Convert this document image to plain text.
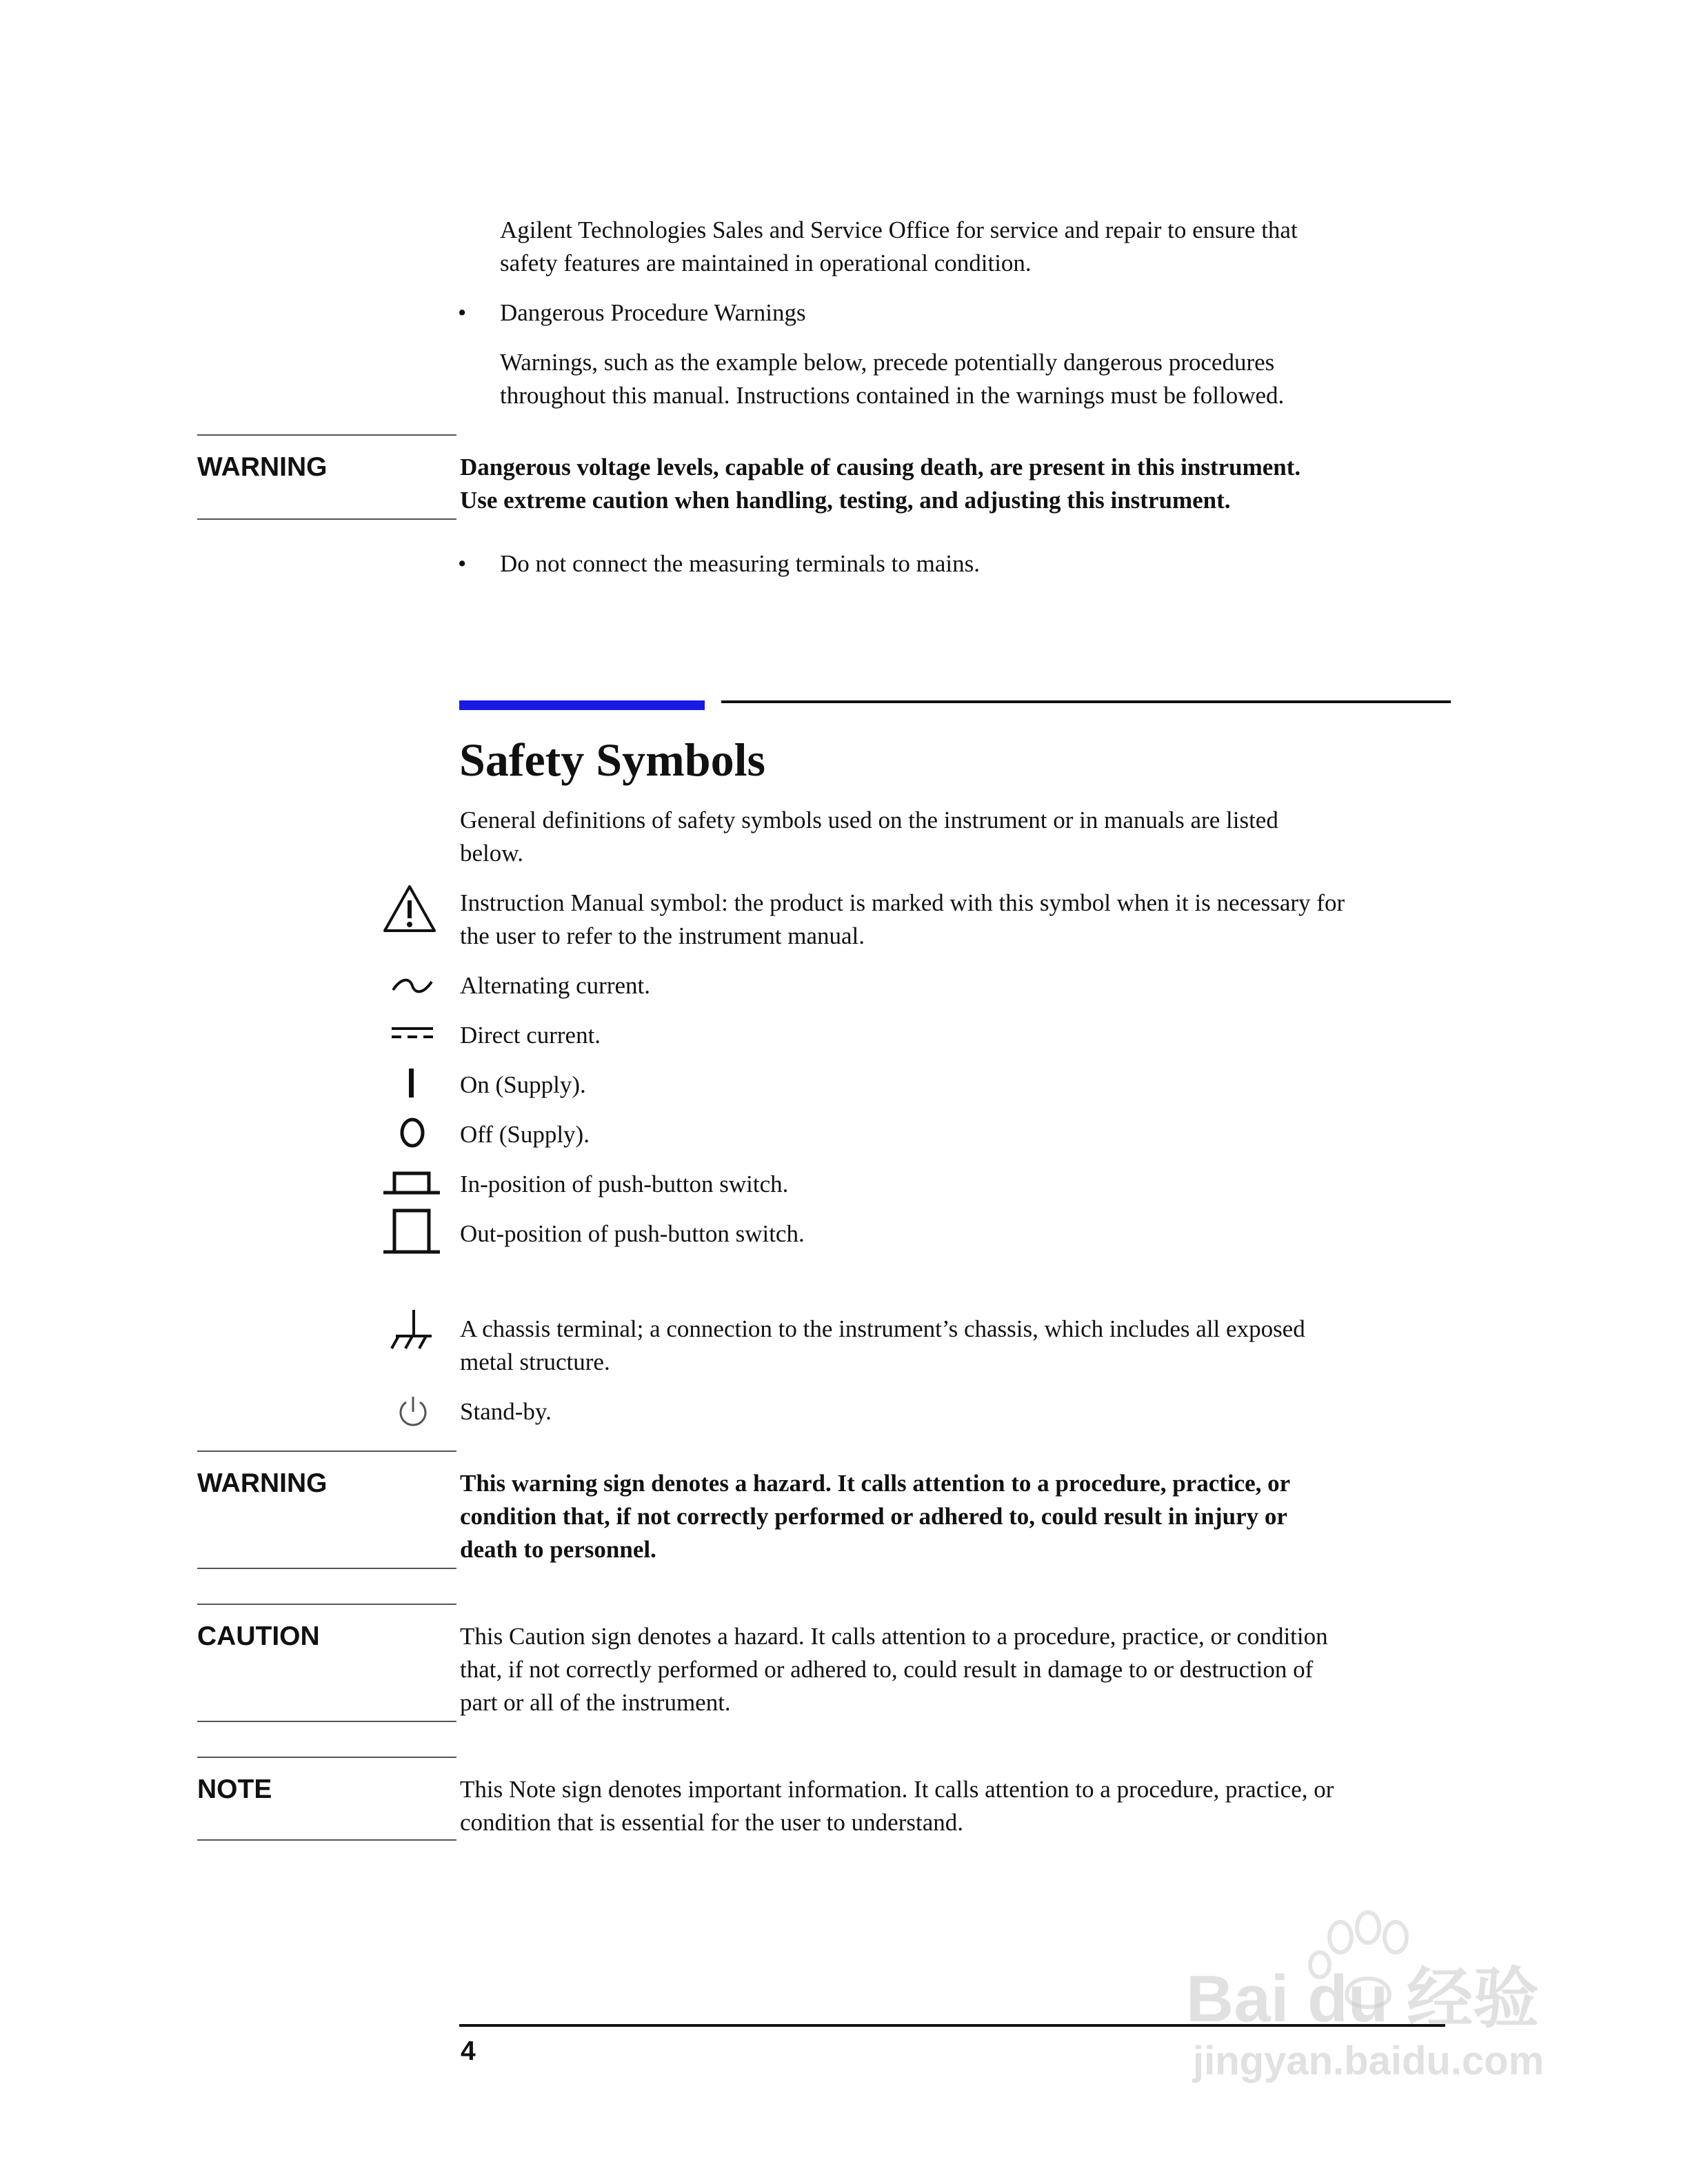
Agilent Technologies Sales and Service Office for service and repair to ensure that
safety features are maintained in operational condition.
• Dangerous Procedure Warnings
Warnings, such as the example below, precede potentially dangerous procedures
throughout this manual. Instructions contained in the warnings must be followed.
WARNING	Dangerous voltage levels, capable of causing death, are present in this instrument.
Use extreme caution when handling, testing, and adjusting this instrument.
• Do not connect the measuring terminals to mains.
Safety Symbols
General definitions of safety symbols used on the instrument or in manuals are listed
below.
Instruction Manual symbol: the product is marked with this symbol when it is necessary for
the user to refer to the instrument manual.
Alternating current.
Direct current.
On (Supply).
Off (Supply).
In-position of push-button switch.
Out-position of push-button switch.
A chassis terminal; a connection to the instrument’s chassis, which includes all exposed
metal structure.
Stand-by.
WARNING	This warning sign denotes a hazard. It calls attention to a procedure, practice, or
condition that, if not correctly performed or adhered to, could result in injury or
death to personnel.
CAUTION	This Caution sign denotes a hazard. It calls attention to a procedure, practice, or condition
that, if not correctly performed or adhered to, could result in damage to or destruction of
part or all of the instrument.
NOTE	This Note sign denotes important information. It calls attention to a procedure, practice, or
condition that is essential for the user to understand.
4
Bai du 经验
jingyan.baidu.com
